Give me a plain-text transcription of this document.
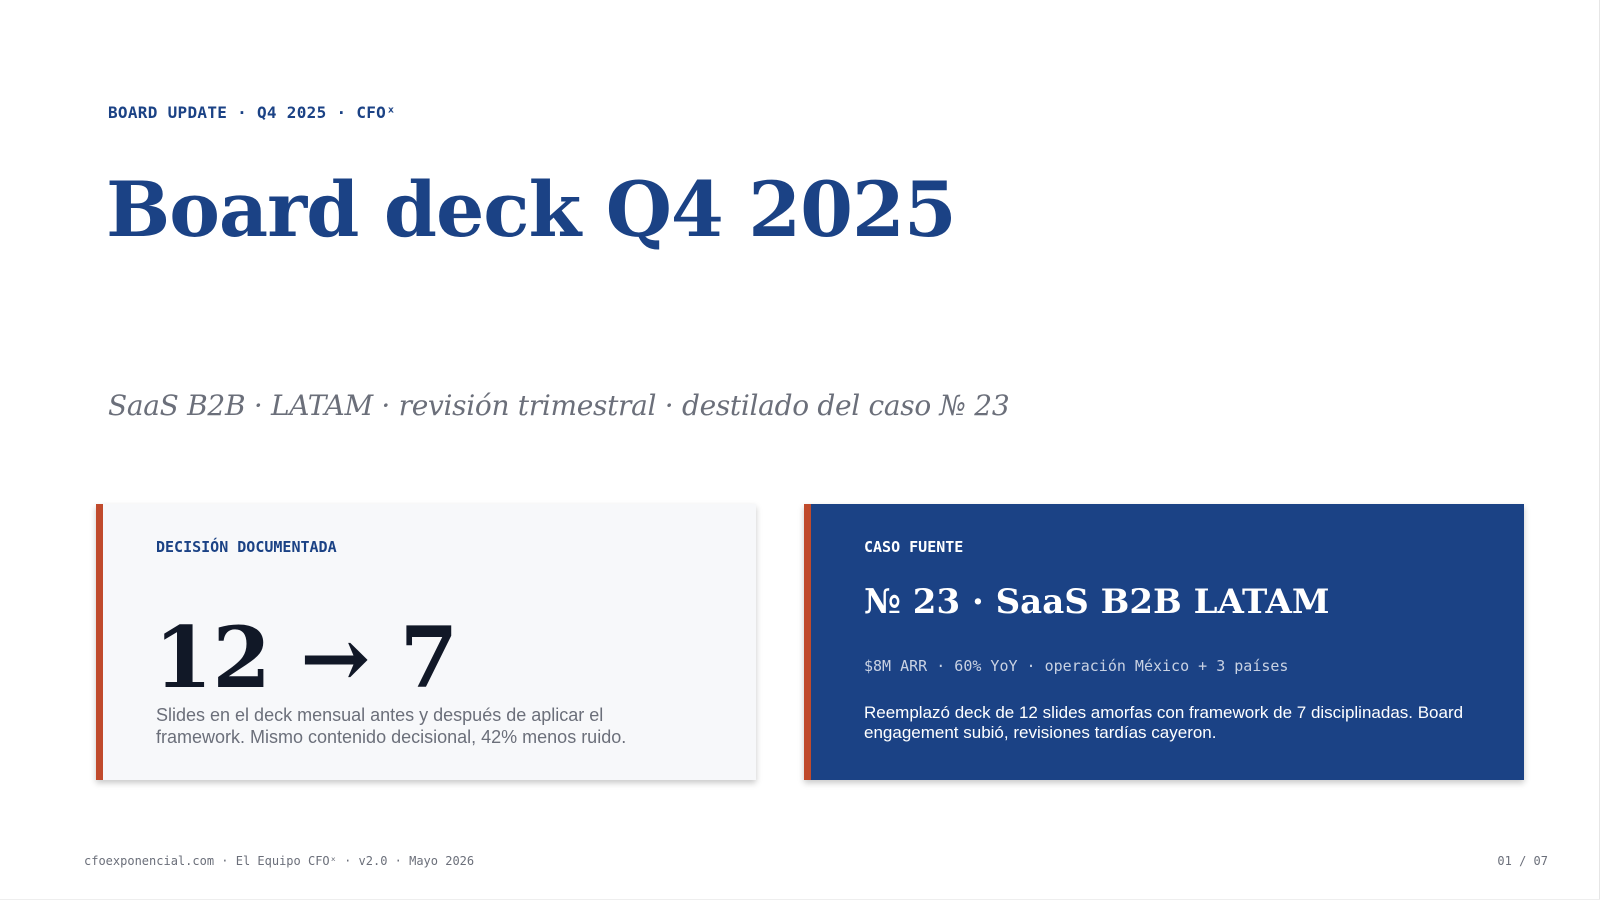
BOARD UPDATE · Q4 2025 · CFOˣ
Board deck Q4 2025
SaaS B2B · LATAM · revisión trimestral · destilado del caso № 23
DECISIÓN DOCUMENTADA
12 → 7
Slides en el deck mensual antes y después de aplicar el framework. Mismo contenido decisional, 42% menos ruido.
CASO FUENTE
№ 23 · SaaS B2B LATAM
$8M ARR · 60% YoY · operación México + 3 países
Reemplazó deck de 12 slides amorfas con framework de 7 disciplinadas. Board engagement subió, revisiones tardías cayeron.
cfoexponencial.com · El Equipo CFOˣ · v2.0 · Mayo 2026	01 / 07
